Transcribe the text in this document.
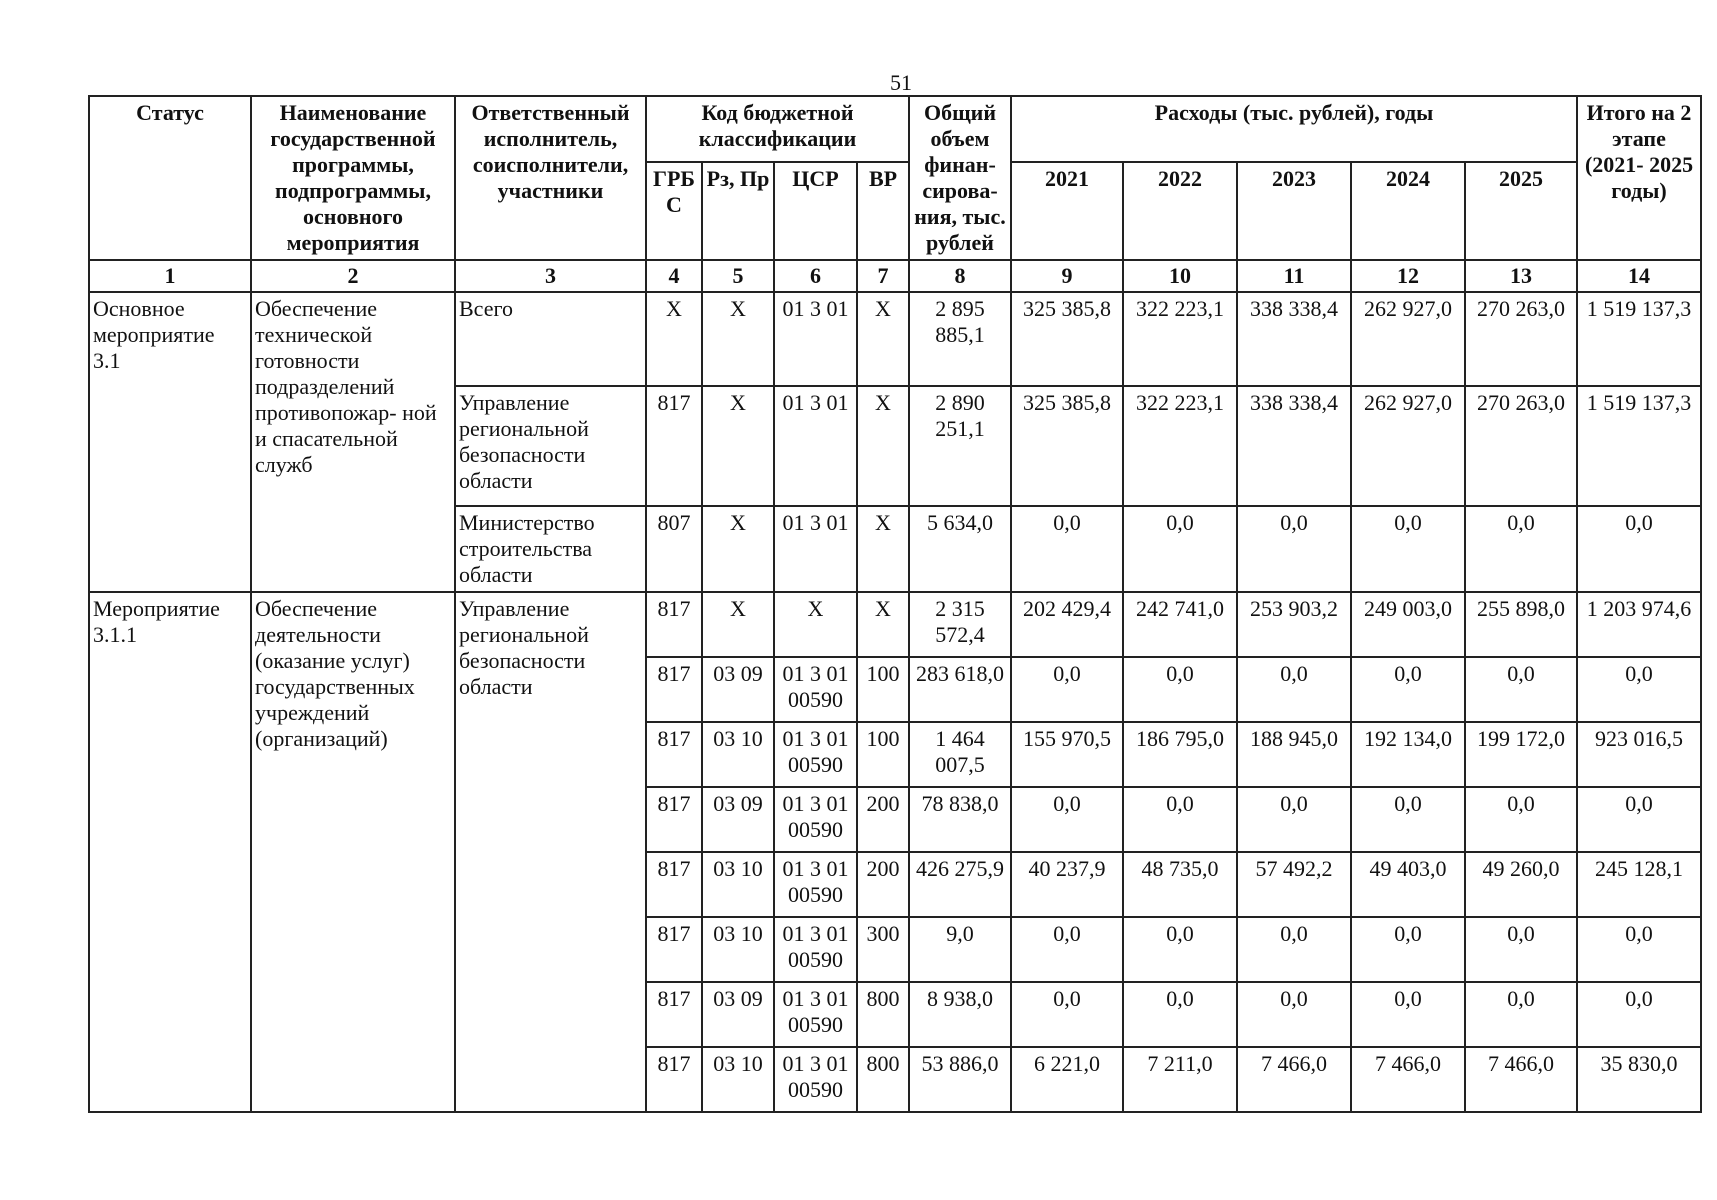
51
Статус	Наименование государственной программы, подпрограммы, основного мероприятия	Ответственный исполнитель, соисполнители, участники	Код бюджетной классификации				Общий объем финан- сирова- ния, тыс. рублей	Расходы (тыс. рублей), годы					Итого на 2 этапе (2021- 2025 годы)
			ГРБ С	Рз, Пр	ЦСР	ВР		2021	2022	2023	2024	2025	
1	2	3	4	5	6	7	8	9	10	11	12	13	14
Основное мероприятие 3.1	Обеспечение технической готовности подразделений противопожар- ной и спасательной служб	Всего	Х	Х	01 3 01	Х	2 895 885,1	325 385,8	322 223,1	338 338,4	262 927,0	270 263,0	1 519 137,3
		Управление региональной безопасности области	817	Х	01 3 01	Х	2 890 251,1	325 385,8	322 223,1	338 338,4	262 927,0	270 263,0	1 519 137,3
		Министерство строительства области	807	Х	01 3 01	Х	5 634,0	0,0	0,0	0,0	0,0	0,0	0,0
Мероприятие 3.1.1	Обеспечение деятельности (оказание услуг) государственных учреждений (организаций)	Управление региональной безопасности области	817	Х	Х	Х	2 315 572,4	202 429,4	242 741,0	253 903,2	249 003,0	255 898,0	1 203 974,6
			817	03 09	01 3 01 00590	100	283 618,0	0,0	0,0	0,0	0,0	0,0	0,0
			817	03 10	01 3 01 00590	100	1 464 007,5	155 970,5	186 795,0	188 945,0	192 134,0	199 172,0	923 016,5
			817	03 09	01 3 01 00590	200	78 838,0	0,0	0,0	0,0	0,0	0,0	0,0
			817	03 10	01 3 01 00590	200	426 275,9	40 237,9	48 735,0	57 492,2	49 403,0	49 260,0	245 128,1
			817	03 10	01 3 01 00590	300	9,0	0,0	0,0	0,0	0,0	0,0	0,0
			817	03 09	01 3 01 00590	800	8 938,0	0,0	0,0	0,0	0,0	0,0	0,0
			817	03 10	01 3 01 00590	800	53 886,0	6 221,0	7 211,0	7 466,0	7 466,0	7 466,0	35 830,0
